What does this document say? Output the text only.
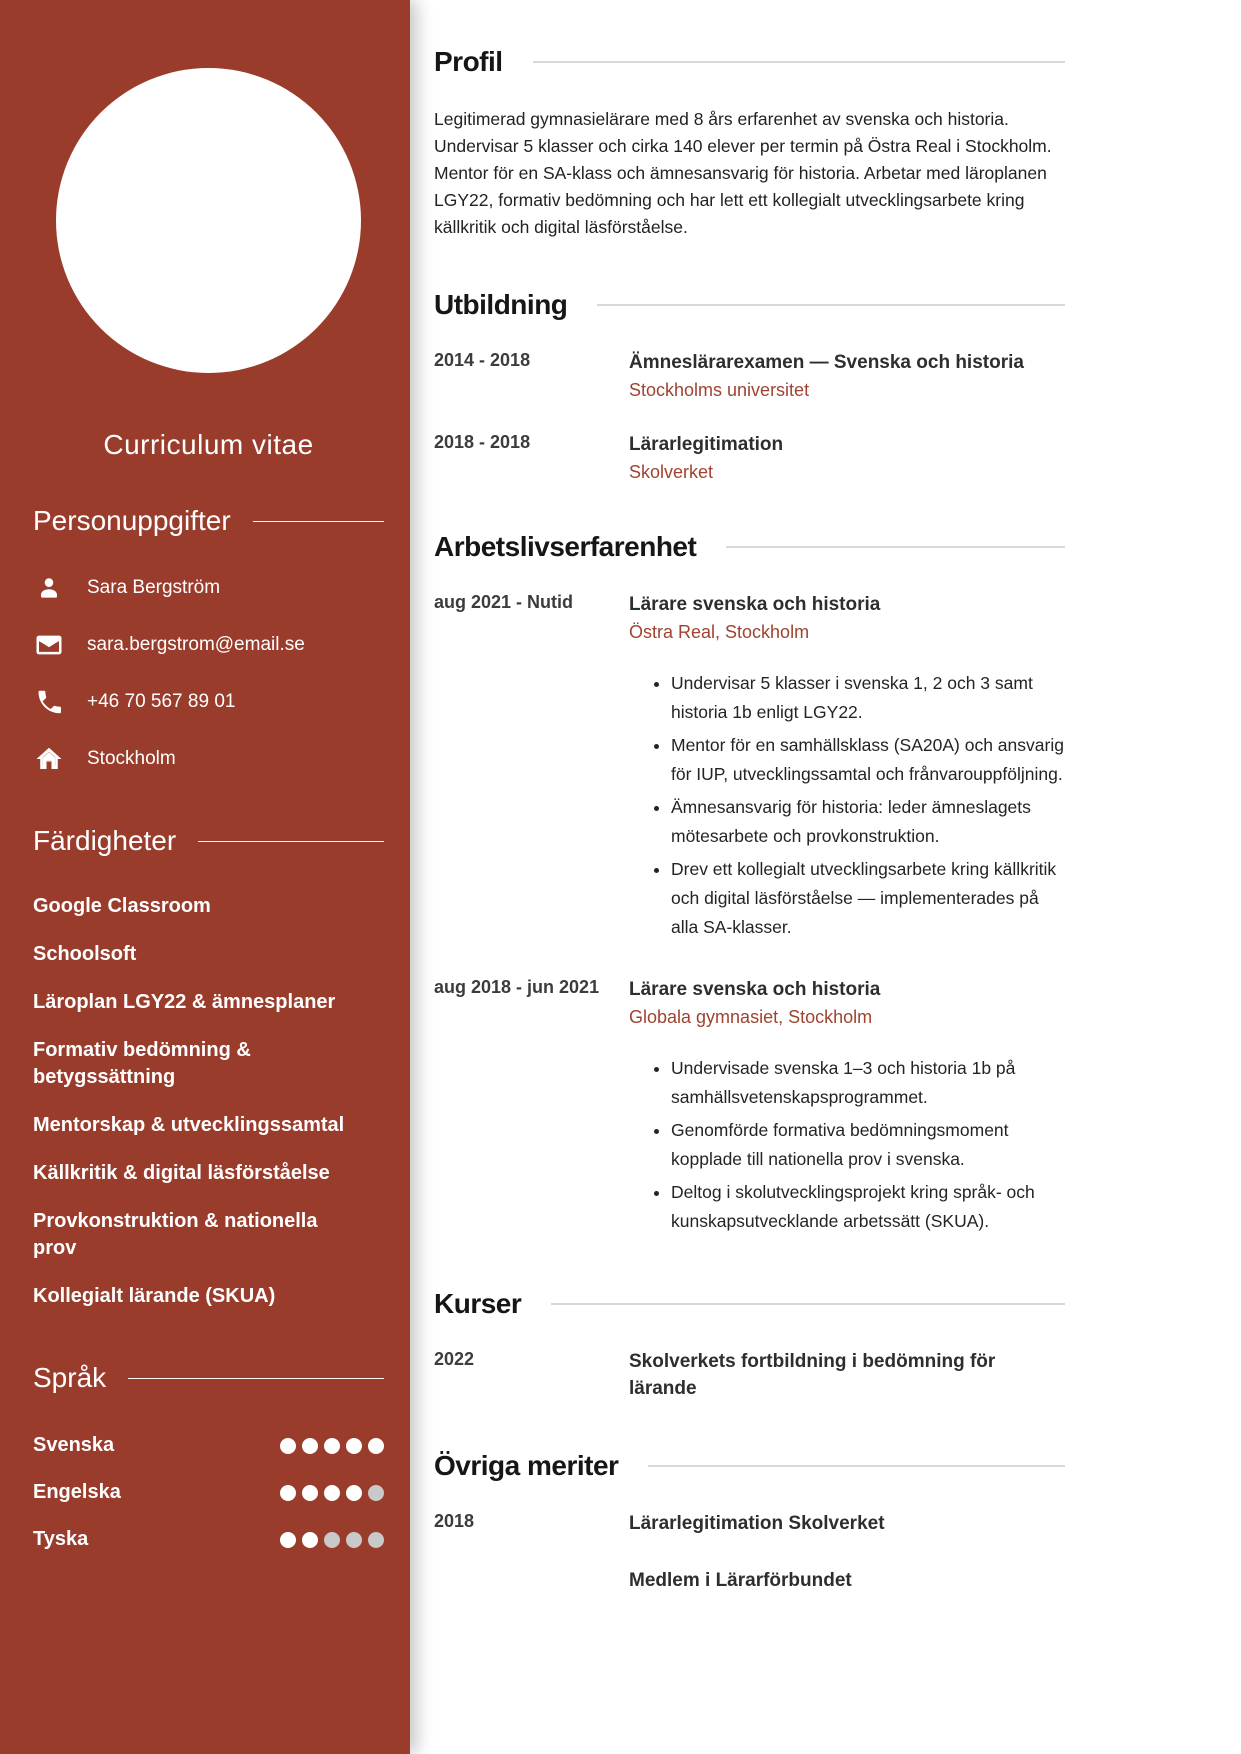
Curriculum vitae
Personuppgifter
Sara Bergström
sara.bergstrom@email.se
+46 70 567 89 01
Stockholm
Färdigheter
Google Classroom
Schoolsoft
Läroplan LGY22 & ämnesplaner
Formativ bedömning & betygssättning
Mentorskap & utvecklingssamtal
Källkritik & digital läsförståelse
Provkonstruktion & nationella prov
Kollegialt lärande (SKUA)
Språk
Svenska
Engelska
Tyska
Profil

Legitimerad gymnasielärare med 8 års erfarenhet av svenska och historia. Undervisar 5 klasser och cirka 140 elever per termin på Östra Real i Stockholm. Mentor för en SA-klass och ämnesansvarig för historia. Arbetar med läroplanen LGY22, formativ bedömning och har lett ett kollegialt utvecklingsarbete kring källkritik och digital läsförståelse.

Utbildning
2014 - 2018	Ämneslärarexamen — Svenska och historia
Stockholms universitet
2018 - 2018	Lärarlegitimation
Skolverket
Arbetslivserfarenhet
aug 2021 - Nutid	Lärare svenska och historia
Östra Real, Stockholm
• Undervisar 5 klasser i svenska 1, 2 och 3 samt historia 1b enligt LGY22.
• Mentor för en samhällsklass (SA20A) och ansvarig för IUP, utvecklingssamtal och frånvarouppföljning.
• Ämnesansvarig för historia: leder ämneslagets mötesarbete och provkonstruktion.
• Drev ett kollegialt utvecklingsarbete kring källkritik och digital läsförståelse — implementerades på alla SA-klasser.
aug 2018 - jun 2021	Lärare svenska och historia
Globala gymnasiet, Stockholm
• Undervisade svenska 1–3 och historia 1b på samhällsvetenskapsprogrammet.
• Genomförde formativa bedömningsmoment kopplade till nationella prov i svenska.
• Deltog i skolutvecklingsprojekt kring språk- och kunskapsutvecklande arbetssätt (SKUA).
Kurser
2022	Skolverkets fortbildning i bedömning för lärande
Övriga meriter
2018	Lärarlegitimation Skolverket
Medlem i Lärarförbundet
